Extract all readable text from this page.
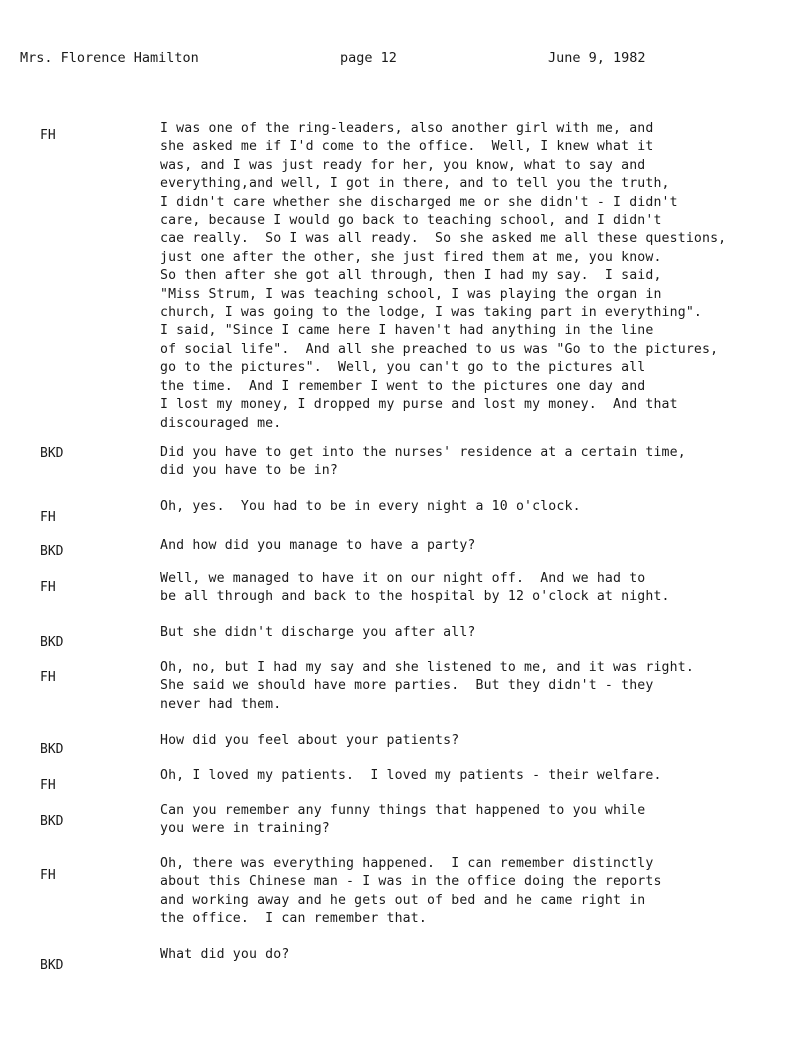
Mrs. Florence Hamilton	page 12	June 9, 1982
FH	I was one of the ring-leaders, also another girl with me, and
she asked me if I'd come to the office.  Well, I knew what it
was, and I was just ready for her, you know, what to say and
everything,and well, I got in there, and to tell you the truth,
I didn't care whether she discharged me or she didn't - I didn't
care, because I would go back to teaching school, and I didn't
cae really.  So I was all ready.  So she asked me all these questions,
just one after the other, she just fired them at me, you know.
So then after she got all through, then I had my say.  I said,
"Miss Strum, I was teaching school, I was playing the organ in
church, I was going to the lodge, I was taking part in everything".
I said, "Since I came here I haven't had anything in the line
of social life".  And all she preached to us was "Go to the pictures,
go to the pictures".  Well, you can't go to the pictures all
the time.  And I remember I went to the pictures one day and
I lost my money, I dropped my purse and lost my money.  And that
discouraged me.
BKD	Did you have to get into the nurses' residence at a certain time,
did you have to be in?
FH
Oh, yes.  You had to be in every night a 10 o'clock.
BKD	And how did you manage to have a party?
FH
Well, we managed to have it on our night off.  And we had to
be all through and back to the hospital by 12 o'clock at night.
BKD
But she didn't discharge you after all?
FH
Oh, no, but I had my say and she listened to me, and it was right.
She said we should have more parties.  But they didn't - they
never had them.
BKD
How did you feel about your patients?
FH
Oh, I loved my patients.  I loved my patients - their welfare.
BKD
Can you remember any funny things that happened to you while
you were in training?
FH
Oh, there was everything happened.  I can remember distinctly
about this Chinese man - I was in the office doing the reports
and working away and he gets out of bed and he came right in
the office.  I can remember that.
BKD
What did you do?
